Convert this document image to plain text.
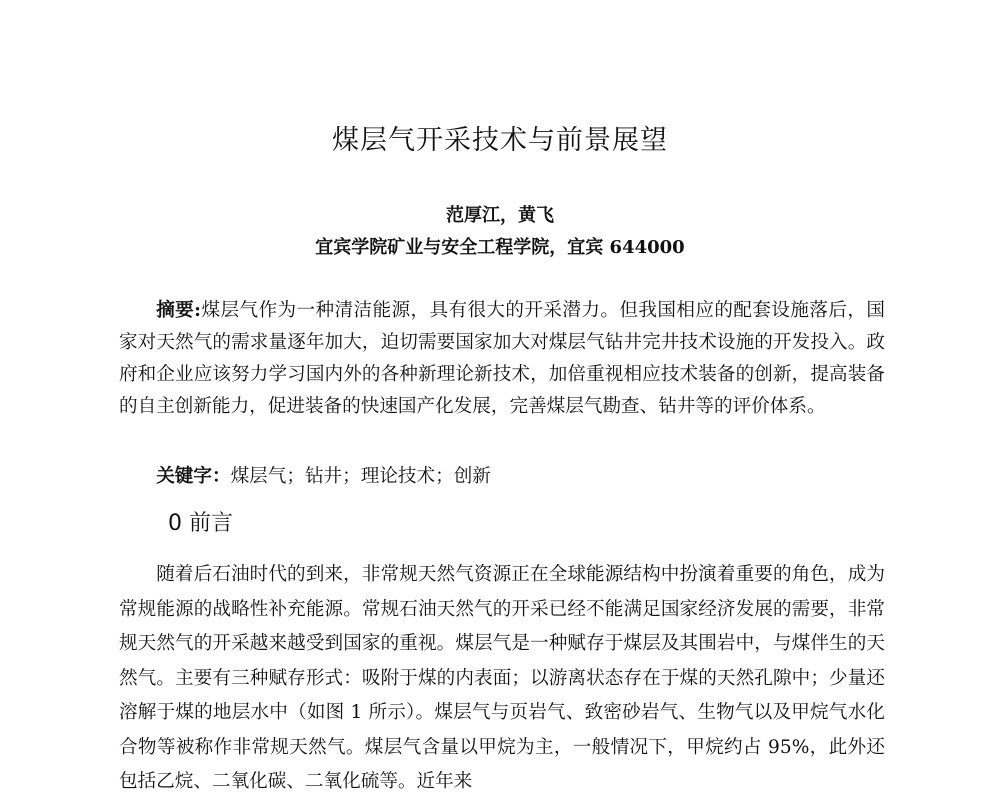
煤层气开采技术与前景展望
范厚江，黄飞
宜宾学院矿业与安全工程学院，宜宾 644000

摘要:煤层气作为一种清洁能源，具有很大的开采潜力。但我国相应的配套设施落后，国家对天然气的需求量逐年加大，迫切需要国家加大对煤层气钻井完井技术设施的开发投入。政府和企业应该努力学习国内外的各种新理论新技术，加倍重视相应技术装备的创新，提高装备的自主创新能力，促进装备的快速国产化发展，完善煤层气勘查、钻井等的评价体系。

关键字：煤层气；钻井；理论技术；创新

0 前言

随着后石油时代的到来，非常规天然气资源正在全球能源结构中扮演着重要的角色，成为常规能源的战略性补充能源。常规石油天然气的开采已经不能满足国家经济发展的需要，非常规天然气的开采越来越受到国家的重视。煤层气是一种赋存于煤层及其围岩中，与煤伴生的天然气。主要有三种赋存形式：吸附于煤的内表面；以游离状态存在于煤的天然孔隙中；少量还溶解于煤的地层水中（如图 1 所示）。煤层气与页岩气、致密砂岩气、生物气以及甲烷气水化合物等被称作非常规天然气。煤层气含量以甲烷为主，一般情况下，甲烷约占 95%，此外还包括乙烷、二氧化碳、二氧化硫等。近年来
